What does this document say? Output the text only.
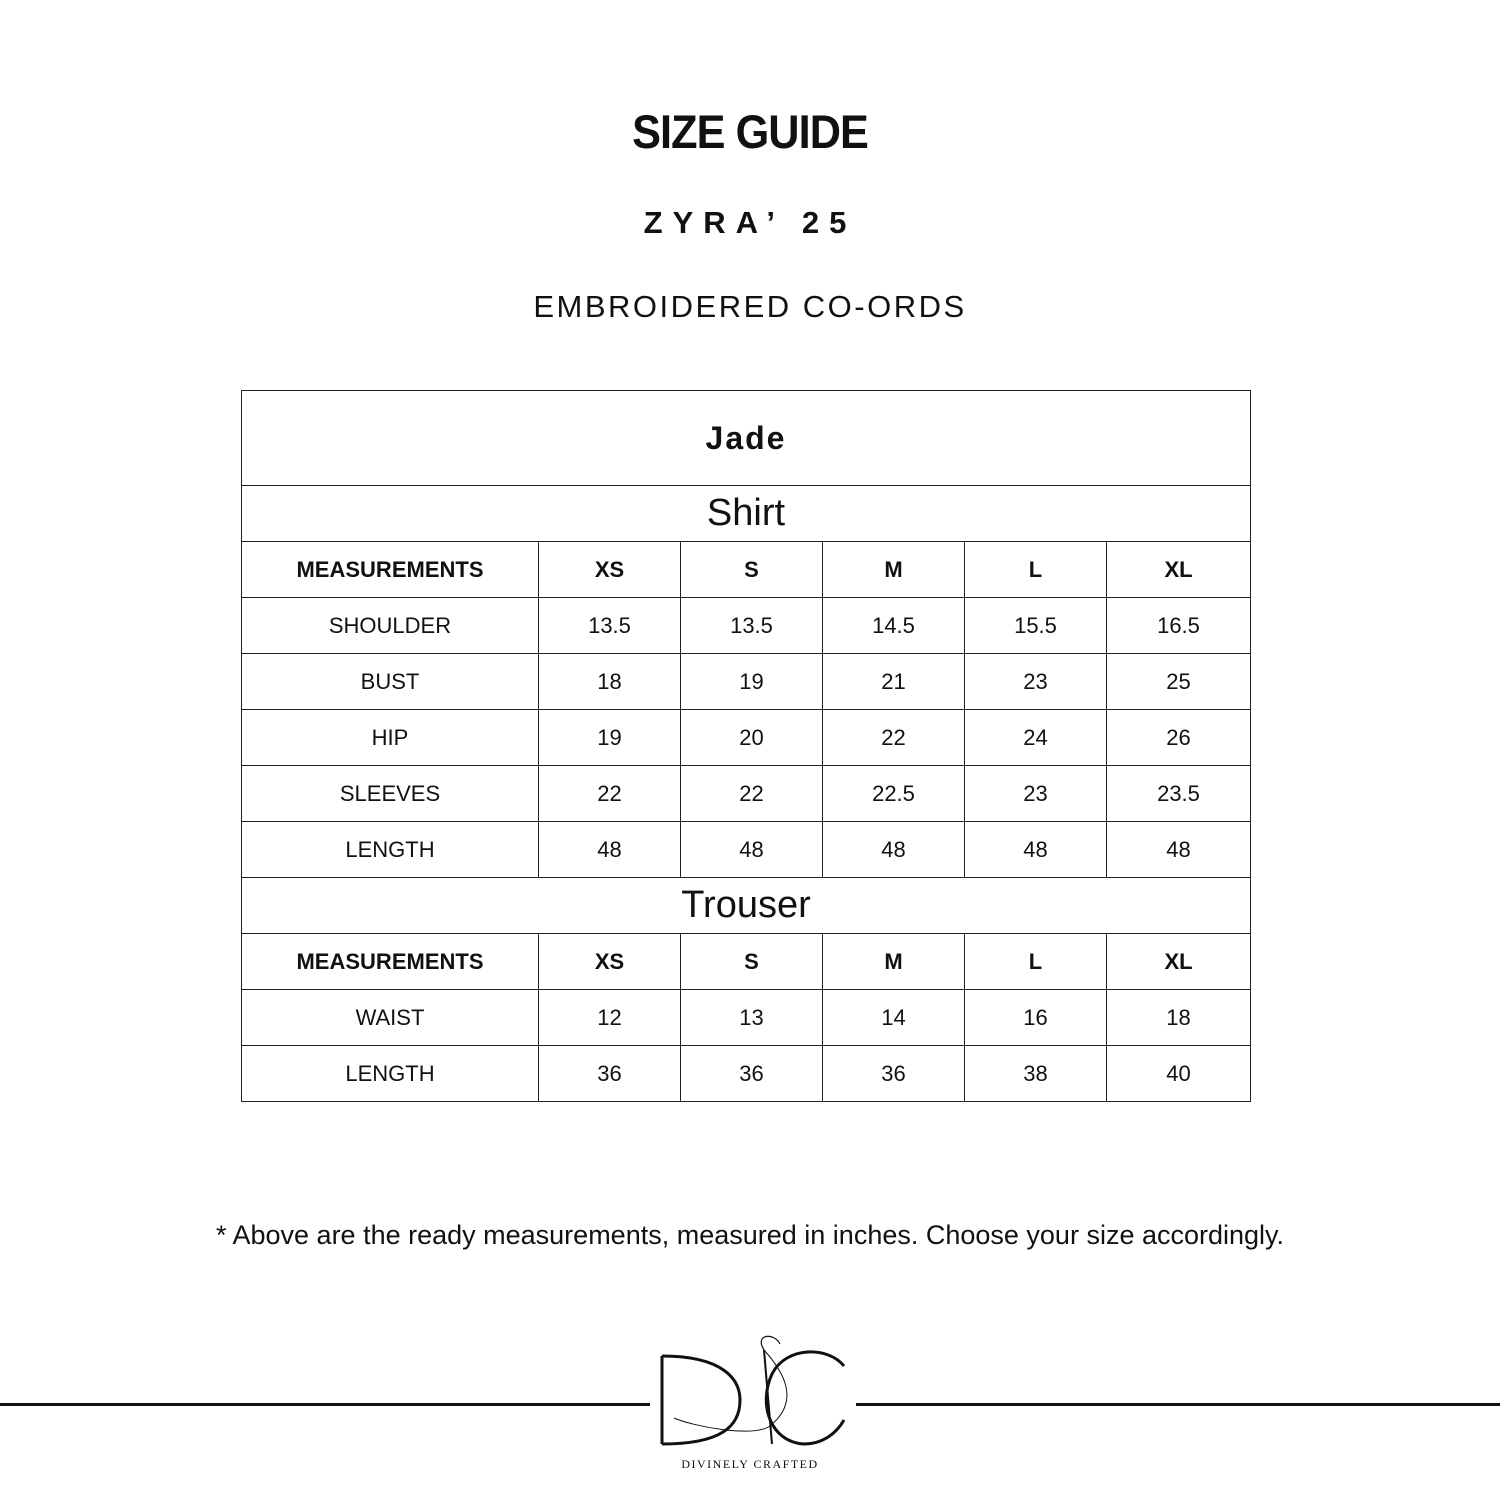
SIZE GUIDE
ZYRA’ 25
EMBROIDERED CO-ORDS
Jade					
Shirt					
MEASUREMENTS	XS	S	M	L	XL
SHOULDER	13.5	13.5	14.5	15.5	16.5
BUST	18	19	21	23	25
HIP	19	20	22	24	26
SLEEVES	22	22	22.5	23	23.5
LENGTH	48	48	48	48	48
Trouser					
MEASUREMENTS	XS	S	M	L	XL
WAIST	12	13	14	16	18
LENGTH	36	36	36	38	40
* Above are the ready measurements, measured in inches. Choose your size accordingly.
DIVINELY CRAFTED
